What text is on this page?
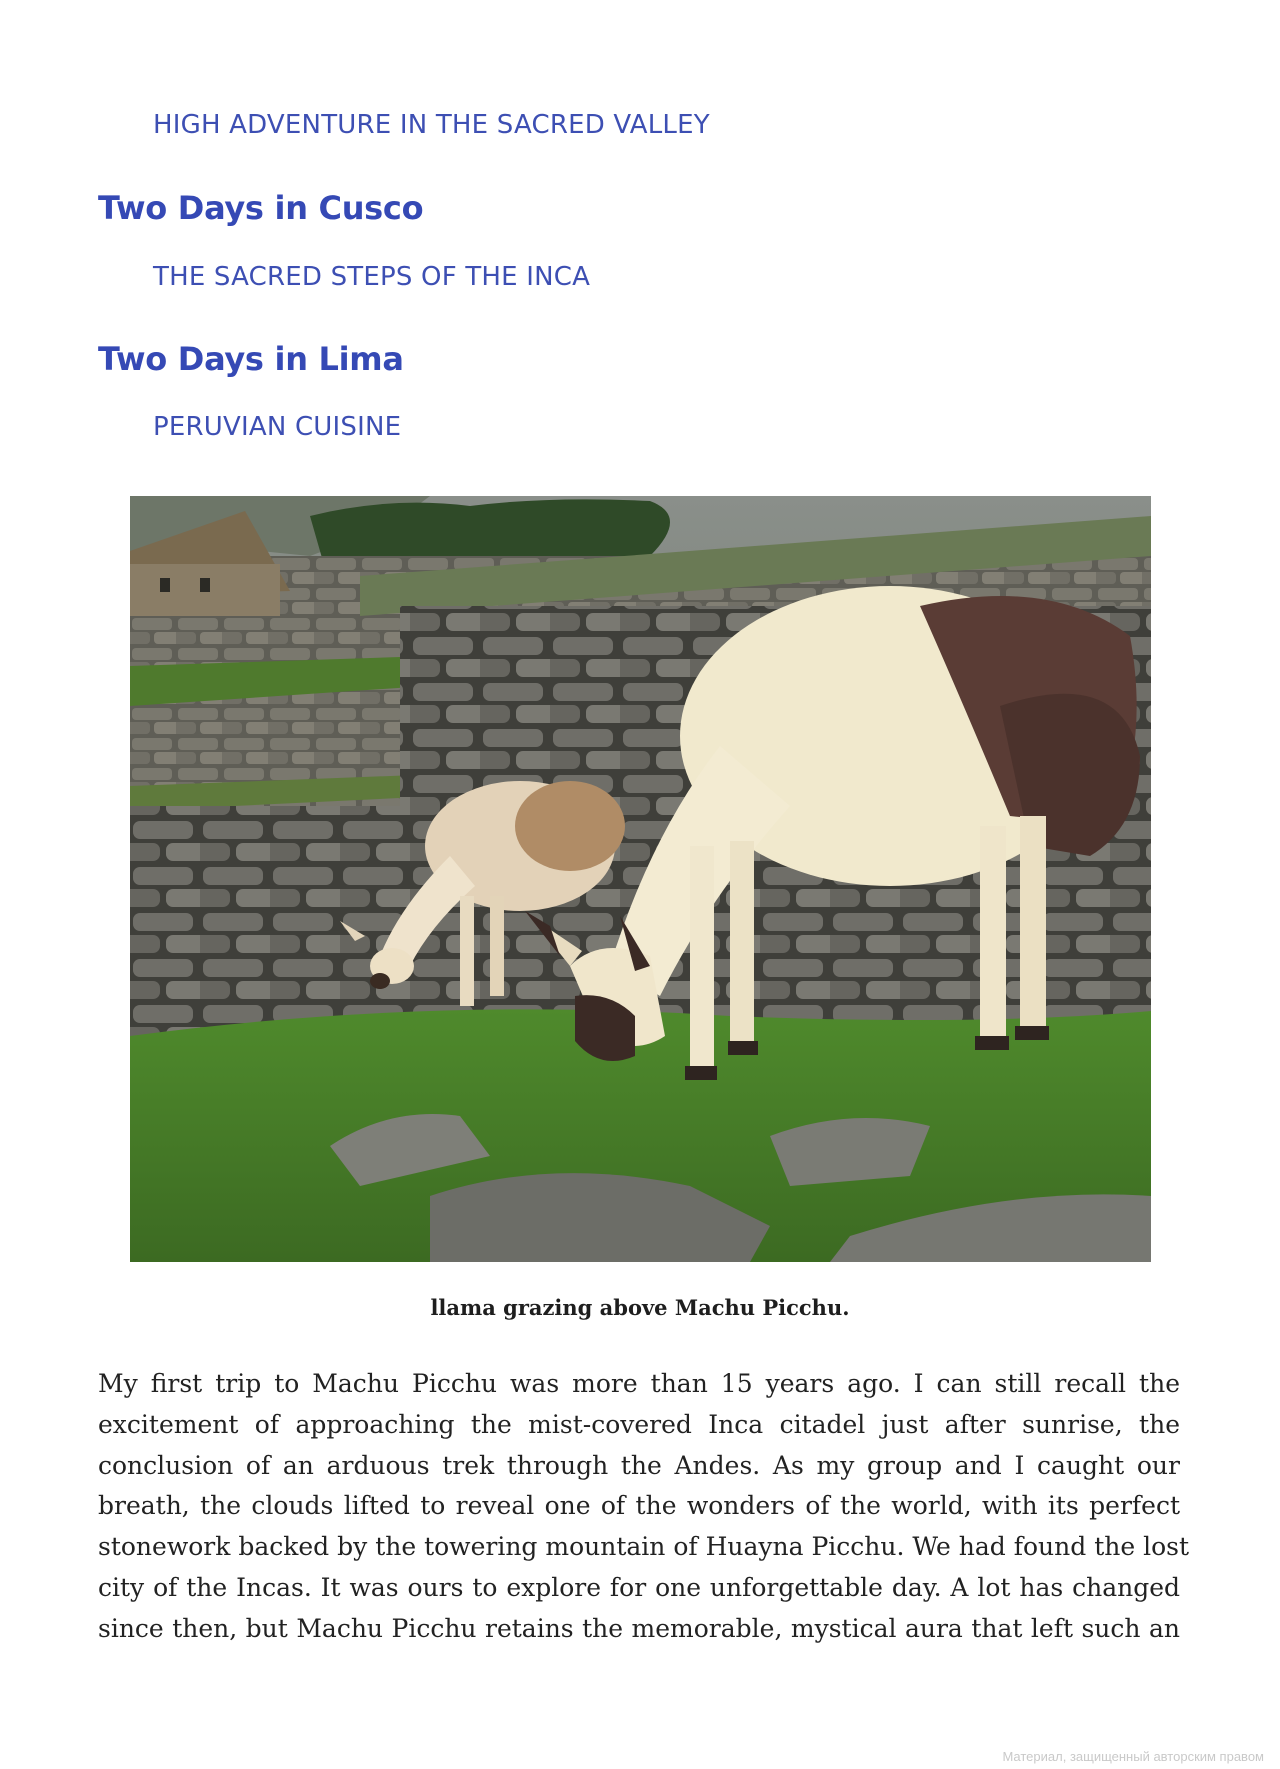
HIGH ADVENTURE IN THE SACRED VALLEY
Two Days in Cusco
THE SACRED STEPS OF THE INCA
Two Days in Lima
PERUVIAN CUISINE
llama grazing above Machu Picchu.
My first trip to Machu Picchu was more than 15 years ago. I can still recall the
excitement of approaching the mist-covered Inca citadel just after sunrise, the
conclusion of an arduous trek through the Andes. As my group and I caught our
breath, the clouds lifted to reveal one of the wonders of the world, with its perfect
stonework backed by the towering mountain of Huayna Picchu. We had found the lost
city of the Incas. It was ours to explore for one unforgettable day. A lot has changed
since then, but Machu Picchu retains the memorable, mystical aura that left such an
Материал, защищенный авторским правом
